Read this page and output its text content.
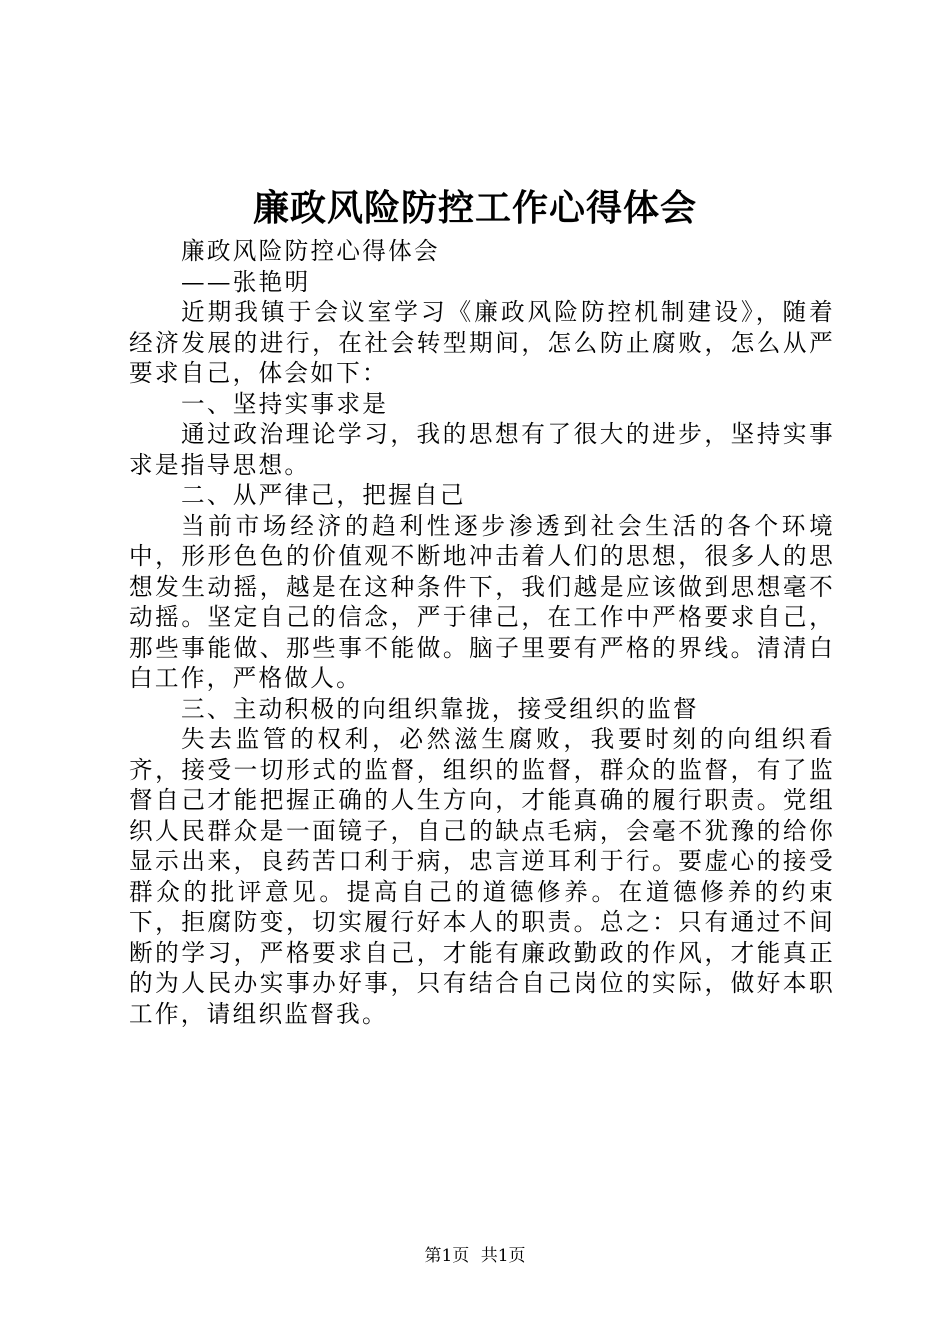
廉政风险防控工作心得体会

廉政风险防控心得体会

——张艳明

近期我镇于会议室学习《廉政风险防控机制建设》，随着经济发展的进行，在社会转型期间，怎么防止腐败，怎么从严要求自己，体会如下：

一、坚持实事求是

通过政治理论学习，我的思想有了很大的进步，坚持实事求是指导思想。

二、从严律己，把握自己

当前市场经济的趋利性逐步渗透到社会生活的各个环境中，形形色色的价值观不断地冲击着人们的思想，很多人的思想发生动摇，越是在这种条件下，我们越是应该做到思想毫不动摇。坚定自己的信念，严于律己，在工作中严格要求自己，那些事能做、那些事不能做。脑子里要有严格的界线。清清白白工作，严格做人。

三、主动积极的向组织靠拢，接受组织的监督

失去监管的权利，必然滋生腐败，我要时刻的向组织看齐，接受一切形式的监督，组织的监督，群众的监督，有了监督自己才能把握正确的人生方向，才能真确的履行职责。党组织人民群众是一面镜子，自己的缺点毛病，会毫不犹豫的给你显示出来，良药苦口利于病，忠言逆耳利于行。要虚心的接受群众的批评意见。提高自己的道德修养。在道德修养的约束下，拒腐防变，切实履行好本人的职责。总之：只有通过不间断的学习，严格要求自己，才能有廉政勤政的作风，才能真正的为人民办实事办好事，只有结合自己岗位的实际，做好本职工作，请组织监督我。

第1页 共1页
